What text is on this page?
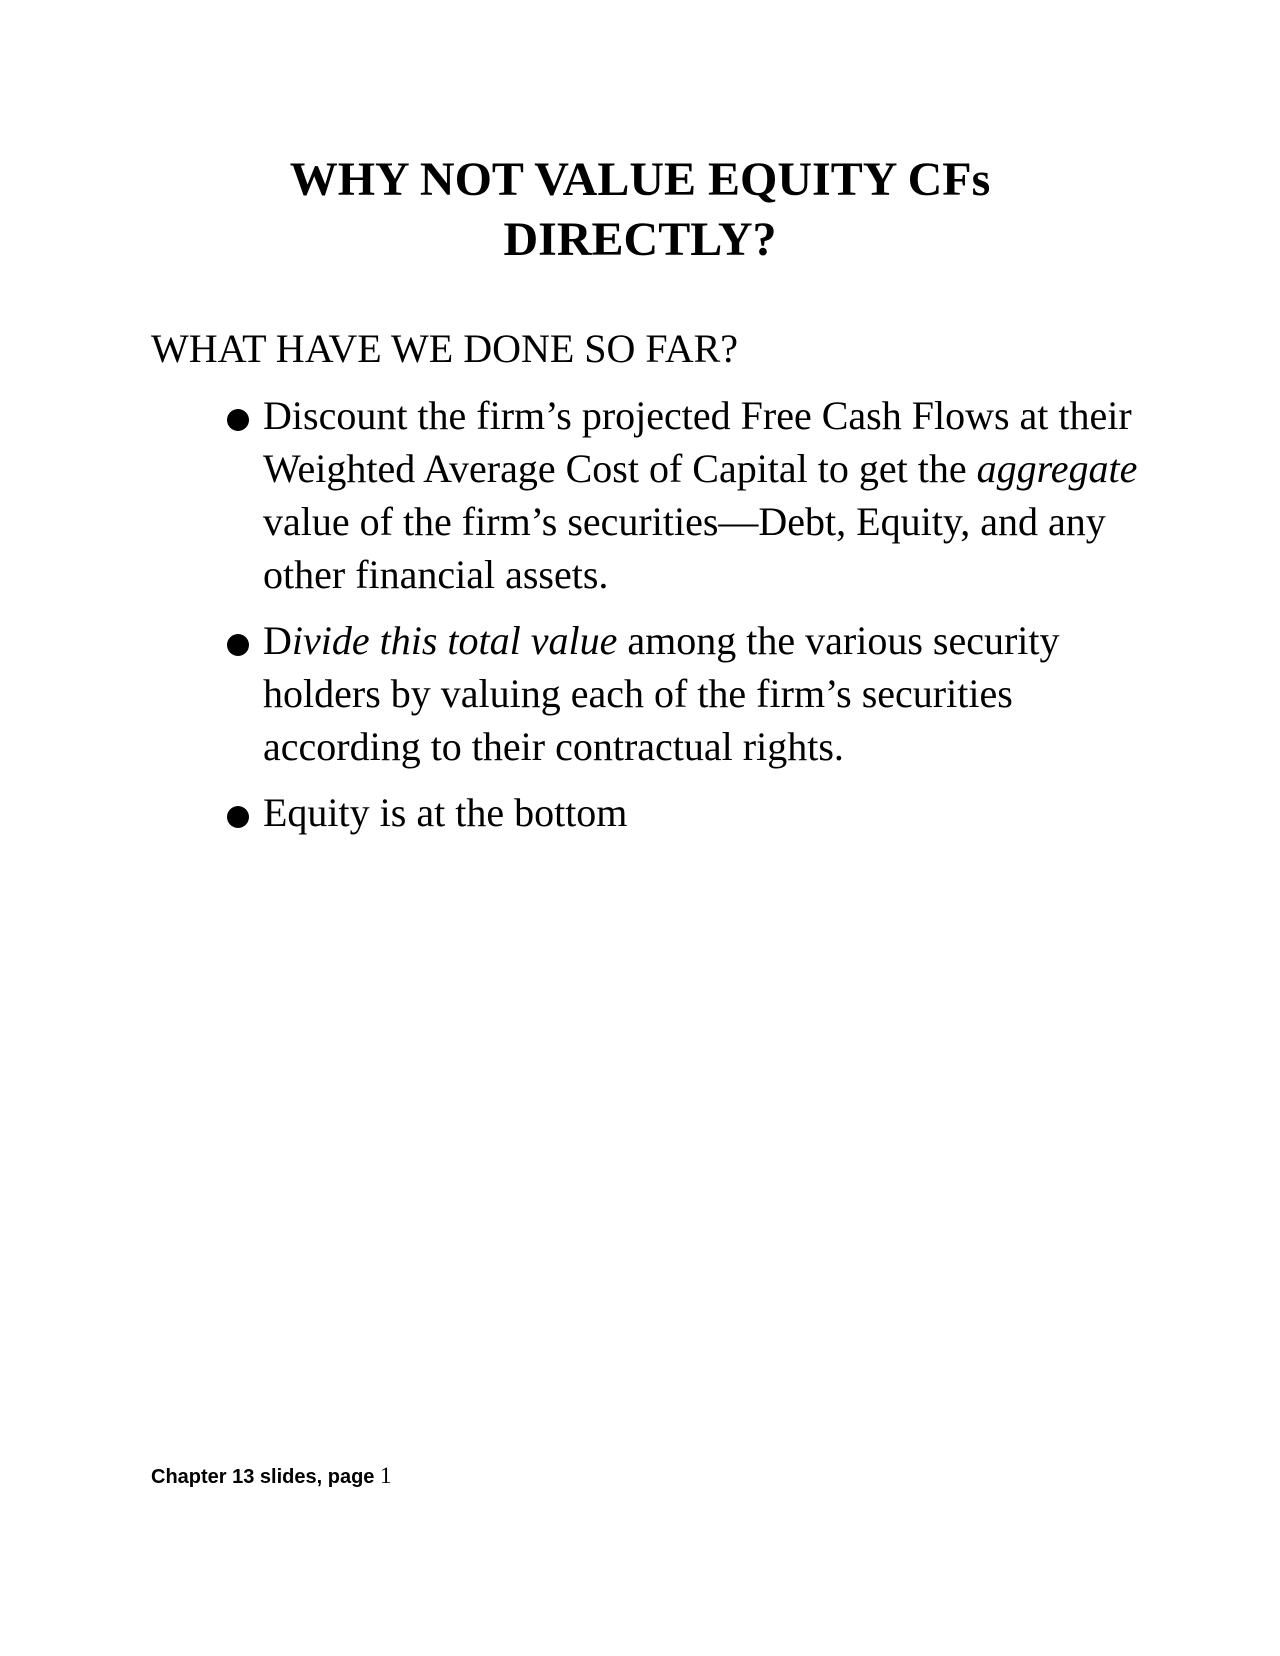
WHY NOT VALUE EQUITY CFs
DIRECTLY?

WHAT HAVE WE DONE SO FAR?

Discount the firm’s projected Free Cash Flows at their Weighted Average Cost of Capital to get the aggregate value of the firm’s securities—Debt, Equity, and any other financial assets.
Divide this total value among the various security holders by valuing each of the firm’s securities according to their contractual rights.
Equity is at the bottom
Chapter 13 slides, page 1
